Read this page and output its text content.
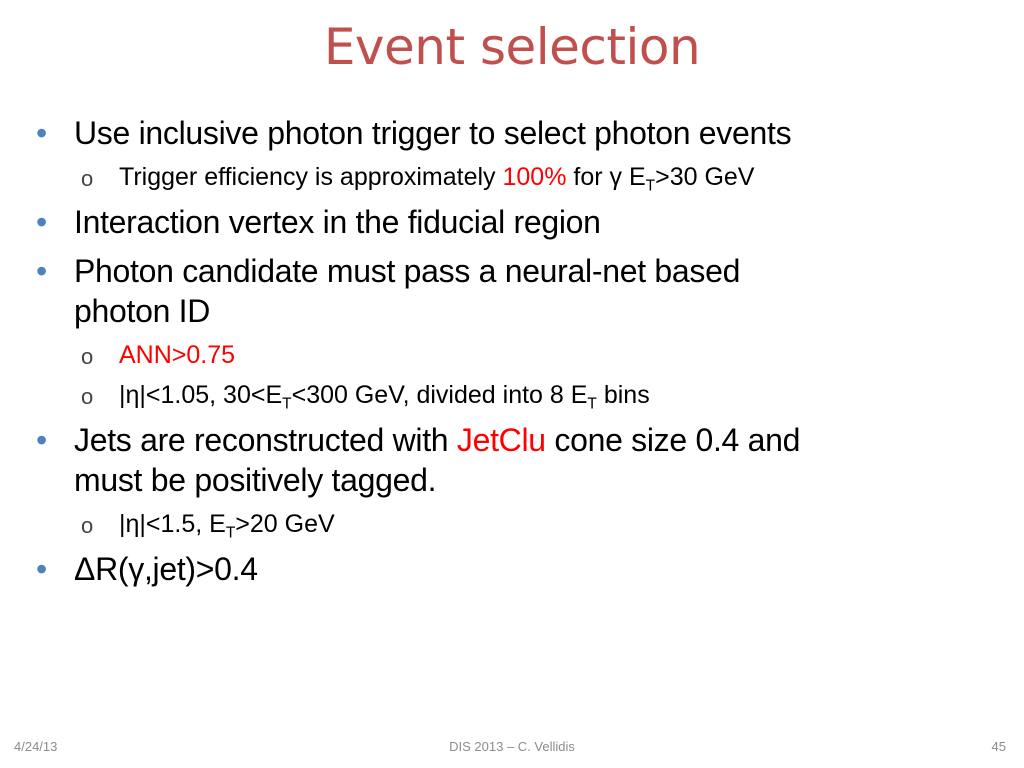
Event selection
• Use inclusive photon trigger to select photon events
o Trigger efficiency is approximately 100% for γ $E_T>30$ GeV
• Interaction vertex in the fiducial region
• Photon candidate must pass a neural-net based
photon ID
o ANN>0.75
o |η|<1.05, $30<E_T<300$ GeV, divided into 8 $E_T$ bins
• Jets are reconstructed with JetClu cone size 0.4 and
must be positively tagged.
o |η|<1.5, $E_T>20$ GeV
• ΔR(γ,jet)>0.4
4/24/13	DIS 2013 – C. Vellidis	45
